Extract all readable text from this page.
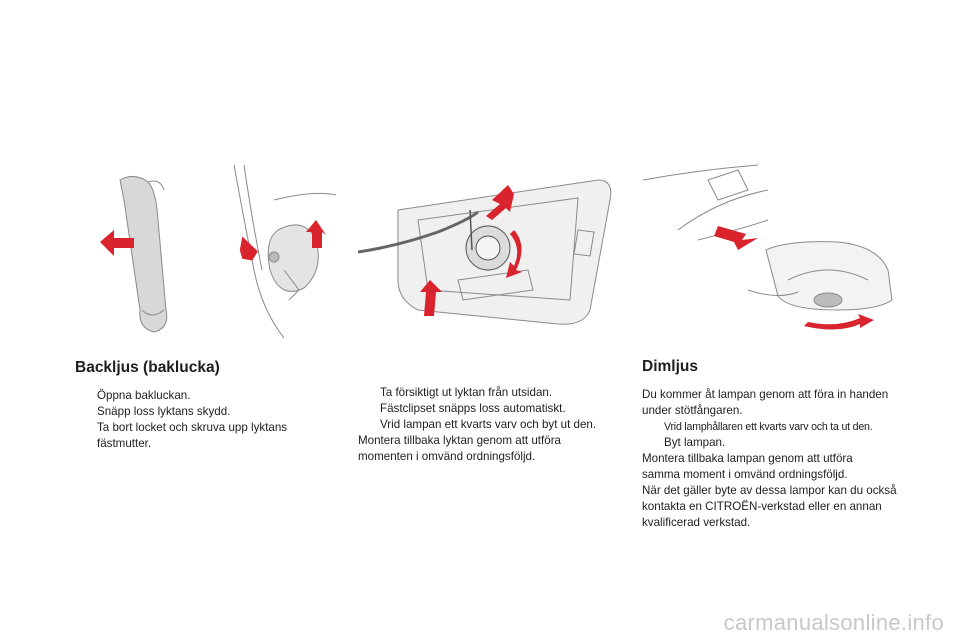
Backljus (baklucka)
Öppna bakluckan.
Snäpp loss lyktans skydd.
Ta bort locket och skruva upp lyktans fästmutter.
Ta försiktigt ut lyktan från utsidan. Fästclipset snäpps loss automatiskt.
Vrid lampan ett kvarts varv och byt ut den.

Montera tillbaka lyktan genom att utföra momenten i omvänd ordningsföljd.

Dimljus

Du kommer åt lampan genom att föra in handen under stötfångaren.

Vrid lamphållaren ett kvarts varv och ta ut den.
Byt lampan.

Montera tillbaka lampan genom att utföra samma moment i omvänd ordningsföljd.

När det gäller byte av dessa lampor kan du också kontakta en CITROËN-verkstad eller en annan kvalificerad verkstad.

carmanualsonline.info
